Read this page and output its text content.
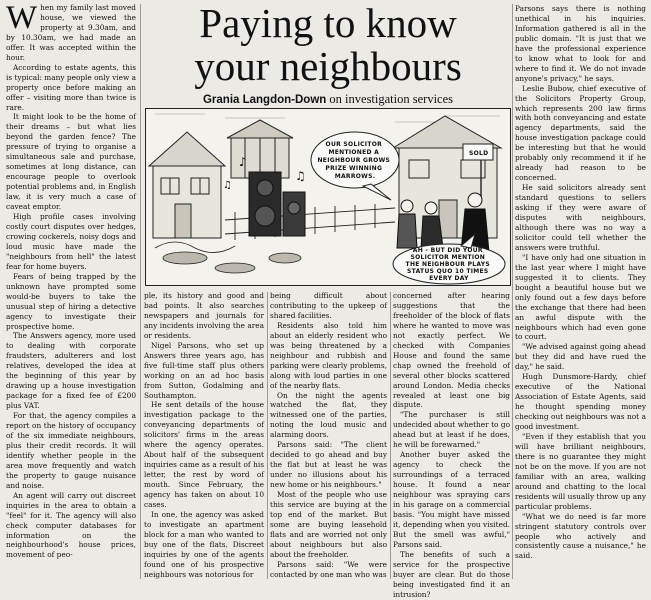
When my family last moved house, we viewed the property at 9.30am, and by 10.30am, we had made an offer. It was accepted within the hour.

According to estate agents, this is typical: many people only view a property once before making an offer – visiting more than twice is rare.

It might look to be the home of their dreams – but what lies beyond the garden fence? The pressure of trying to organise a simultaneous sale and purchase, sometimes at long distance, can encourage people to overlook potential problems and, in English law, it is very much a case of caveat emptor.

High profile cases involving costly court disputes over hedges, crowing cockerels, noisy dogs and loud music have made the "neighbours from hell" the latest fear for home buyers.

Fears of being trapped by the unknown have prompted some would-be buyers to take the unusual step of hiring a detective agency to investigate their prospective home.

The Answers agency, more used to dealing with corporate fraudsters, adulterers and lost relatives, developed the idea at the beginning of this year by drawing up a house investigation package for a fixed fee of £200 plus VAT.

For that, the agency compiles a report on the history of occupancy of the six immediate neighbours, plus their credit records. It will identify whether people in the area move frequently and watch the property to gauge nuisance and noise.

An agent will carry out discreet inquiries in the area to obtain a "feel" for it. The agency will also check computer databases for information on the neighbourhood's house prices, movement of peo-

Paying to know
your neighbours
Grania Langdon-Down on investigation services
♪
♫
♫
SOLD
OUR SOLICITOR MENTIONED A NEIGHBOUR GROWS PRIZE WINNING MARROWS.
AH - BUT DID YOUR SOLICITOR MENTION THE NEIGHBOUR PLAYS STATUS QUO 10 TIMES EVERY DAY

ple, its history and good and bad points. It also searches newspapers and journals for any incidents involving the area or residents.

Nigel Parsons, who set up Answers three years ago, has five full-time staff plus others working on an ad hoc basis from Sutton, Godalming and Southampton.

He sent details of the house investigation package to the conveyancing departments of solicitors' firms in the areas where the agency operates. About half of the subsequent inquiries came as a result of his letter, the rest by word of mouth. Since February, the agency has taken on about 10 cases.

In one, the agency was asked to investigate an apartment block for a man who wanted to buy one of the flats. Discreet inquiries by one of the agents found one of his prospective neighbours was notorious for

being difficult about contributing to the upkeep of shared facilities.

Residents also told him about an elderly resident who was being threatened by a neighbour and rubbish and parking were clearly problems, along with loud parties in one of the nearby flats.

On the night the agents watched the flat, they witnessed one of the parties, noting the loud music and alarming doors.

Parsons said: "The client decided to go ahead and buy the flat but at least he was under no illusions about his new home or his neighbours."

Most of the people who use this service are buying at the top end of the market. But some are buying leasehold flats and are worried not only about neighbours but also about the freeholder.

Parsons said: "We were contacted by one man who was

concerned after hearing suggestions that the freeholder of the block of flats where he wanted to move was not exactly perfect. We checked with Companies House and found the same chap owned the freehold of several other blocks scattered around London. Media checks revealed at least one big dispute.

"The purchaser is still undecided about whether to go ahead but at least if he does, he will be forewarned."

Another buyer asked the agency to check the surroundings of a terraced house. It found a near neighbour was spraying cars in his garage on a commercial basis. "You might have missed it, depending when you visited. But the smell was awful," Parsons said.

The benefits of such a service for the prospective buyer are clear. But do those being investigated find it an intrusion?

Parsons says there is nothing unethical in his inquiries. Information gathered is all in the public domain. "It is just that we have the professional experience to know what to look for and where to find it. We do not invade anyone's privacy," he says.

Leslie Bubow, chief executive of the Solicitors Property Group, which represents 200 law firms with both conveyancing and estate agency departments, said the house investigation package could be interesting but that he would probably only recommend it if he already had reason to be concerned.

He said solicitors already sent standard questions to sellers asking if they were aware of disputes with neighbours, although there was no way a solicitor could tell whether the answers were truthful.

"I have only had one situation in the last year where I might have suggested it to clients. They bought a beautiful house but we only found out a few days before the exchange that there had been an awful dispute with the neighbours which had even gone to court.

"We advised against going ahead but they did and have rued the day," he said.

Hugh Dunsmore-Hardy, chief executive of the National Association of Estate Agents, said he thought spending money checking out neighbours was not a good investment.

"Even if they establish that you will have brilliant neighbours, there is no guarantee they might not be on the move. If you are not familiar with an area, walking around and chatting to the local residents will usually throw up any particular problems.

"What we do need is far more stringent statutory controls over people who actively and consistently cause a nuisance," he said.
